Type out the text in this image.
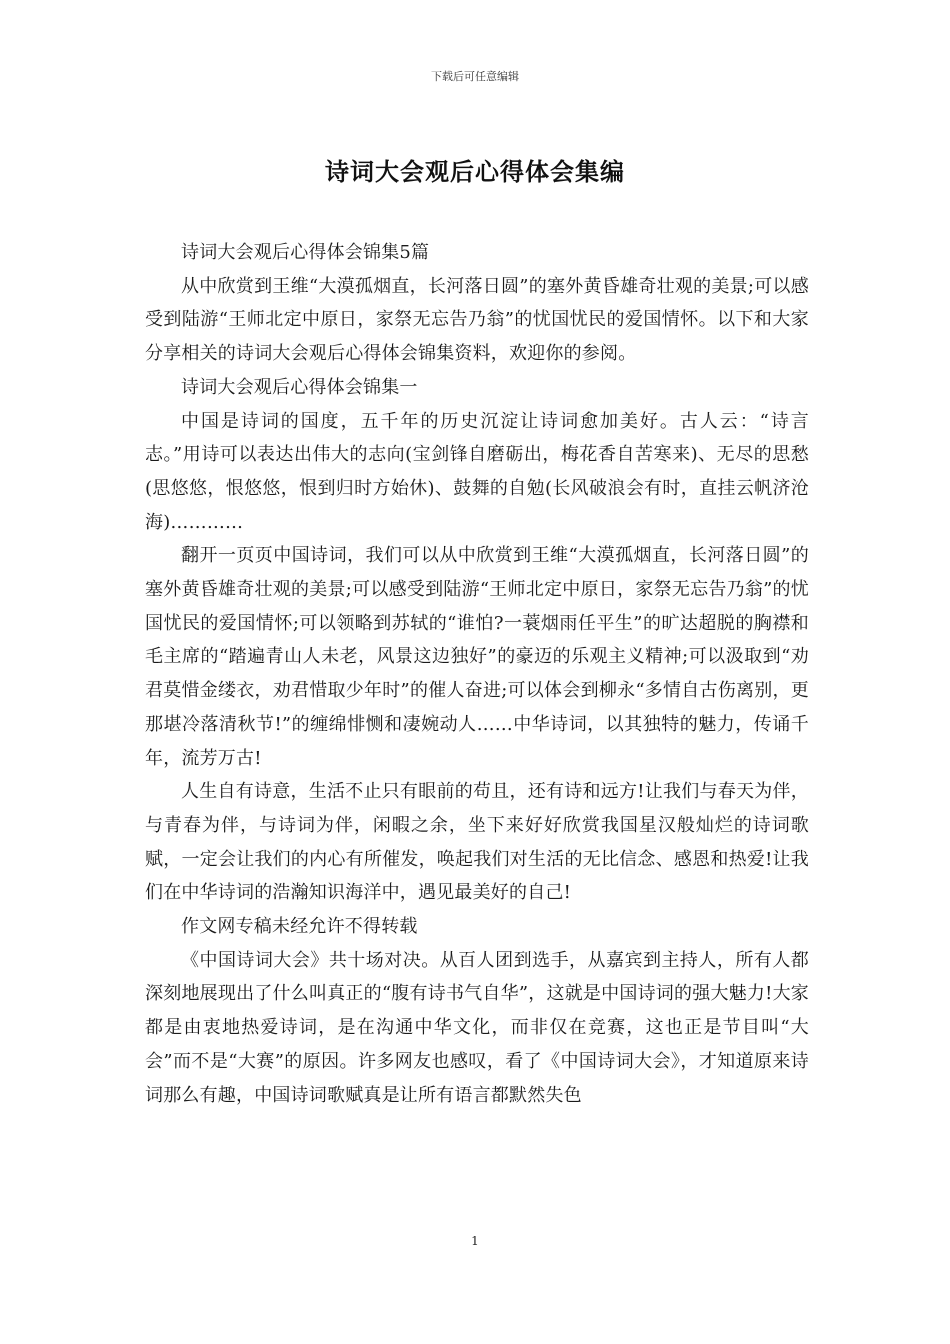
下载后可任意编辑
诗词大会观后心得体会集编

诗词大会观后心得体会锦集5篇

从中欣赏到王维“大漠孤烟直，长河落日圆”的塞外黄昏雄奇壮观的美景;可以感受到陆游“王师北定中原日，家祭无忘告乃翁”的忧国忧民的爱国情怀。以下和大家分享相关的诗词大会观后心得体会锦集资料，欢迎你的参阅。

诗词大会观后心得体会锦集一

中国是诗词的国度，五千年的历史沉淀让诗词愈加美好。古人云：“诗言志。”用诗可以表达出伟大的志向(宝剑锋自磨砺出，梅花香自苦寒来)、无尽的思愁(思悠悠，恨悠悠，恨到归时方始休)、鼓舞的自勉(长风破浪会有时，直挂云帆济沧海)…………

翻开一页页中国诗词，我们可以从中欣赏到王维“大漠孤烟直，长河落日圆”的塞外黄昏雄奇壮观的美景;可以感受到陆游“王师北定中原日，家祭无忘告乃翁”的忧国忧民的爱国情怀;可以领略到苏轼的“谁怕?一蓑烟雨任平生”的旷达超脱的胸襟和毛主席的“踏遍青山人未老，风景这边独好”的豪迈的乐观主义精神;可以汲取到“劝君莫惜金缕衣，劝君惜取少年时”的催人奋进;可以体会到柳永“多情自古伤离别，更那堪冷落清秋节!”的缠绵悱恻和凄婉动人……中华诗词，以其独特的魅力，传诵千年，流芳万古!

人生自有诗意，生活不止只有眼前的苟且，还有诗和远方!让我们与春天为伴，与青春为伴，与诗词为伴，闲暇之余，坐下来好好欣赏我国星汉般灿烂的诗词歌赋，一定会让我们的内心有所催发，唤起我们对生活的无比信念、感恩和热爱!让我们在中华诗词的浩瀚知识海洋中，遇见最美好的自己!

作文网专稿未经允许不得转载

《中国诗词大会》共十场对决。从百人团到选手，从嘉宾到主持人，所有人都深刻地展现出了什么叫真正的“腹有诗书气自华”，这就是中国诗词的强大魅力!大家都是由衷地热爱诗词，是在沟通中华文化，而非仅在竞赛，这也正是节目叫“大会”而不是“大赛”的原因。许多网友也感叹，看了《中国诗词大会》，才知道原来诗词那么有趣，中国诗词歌赋真是让所有语言都默然失色

1
